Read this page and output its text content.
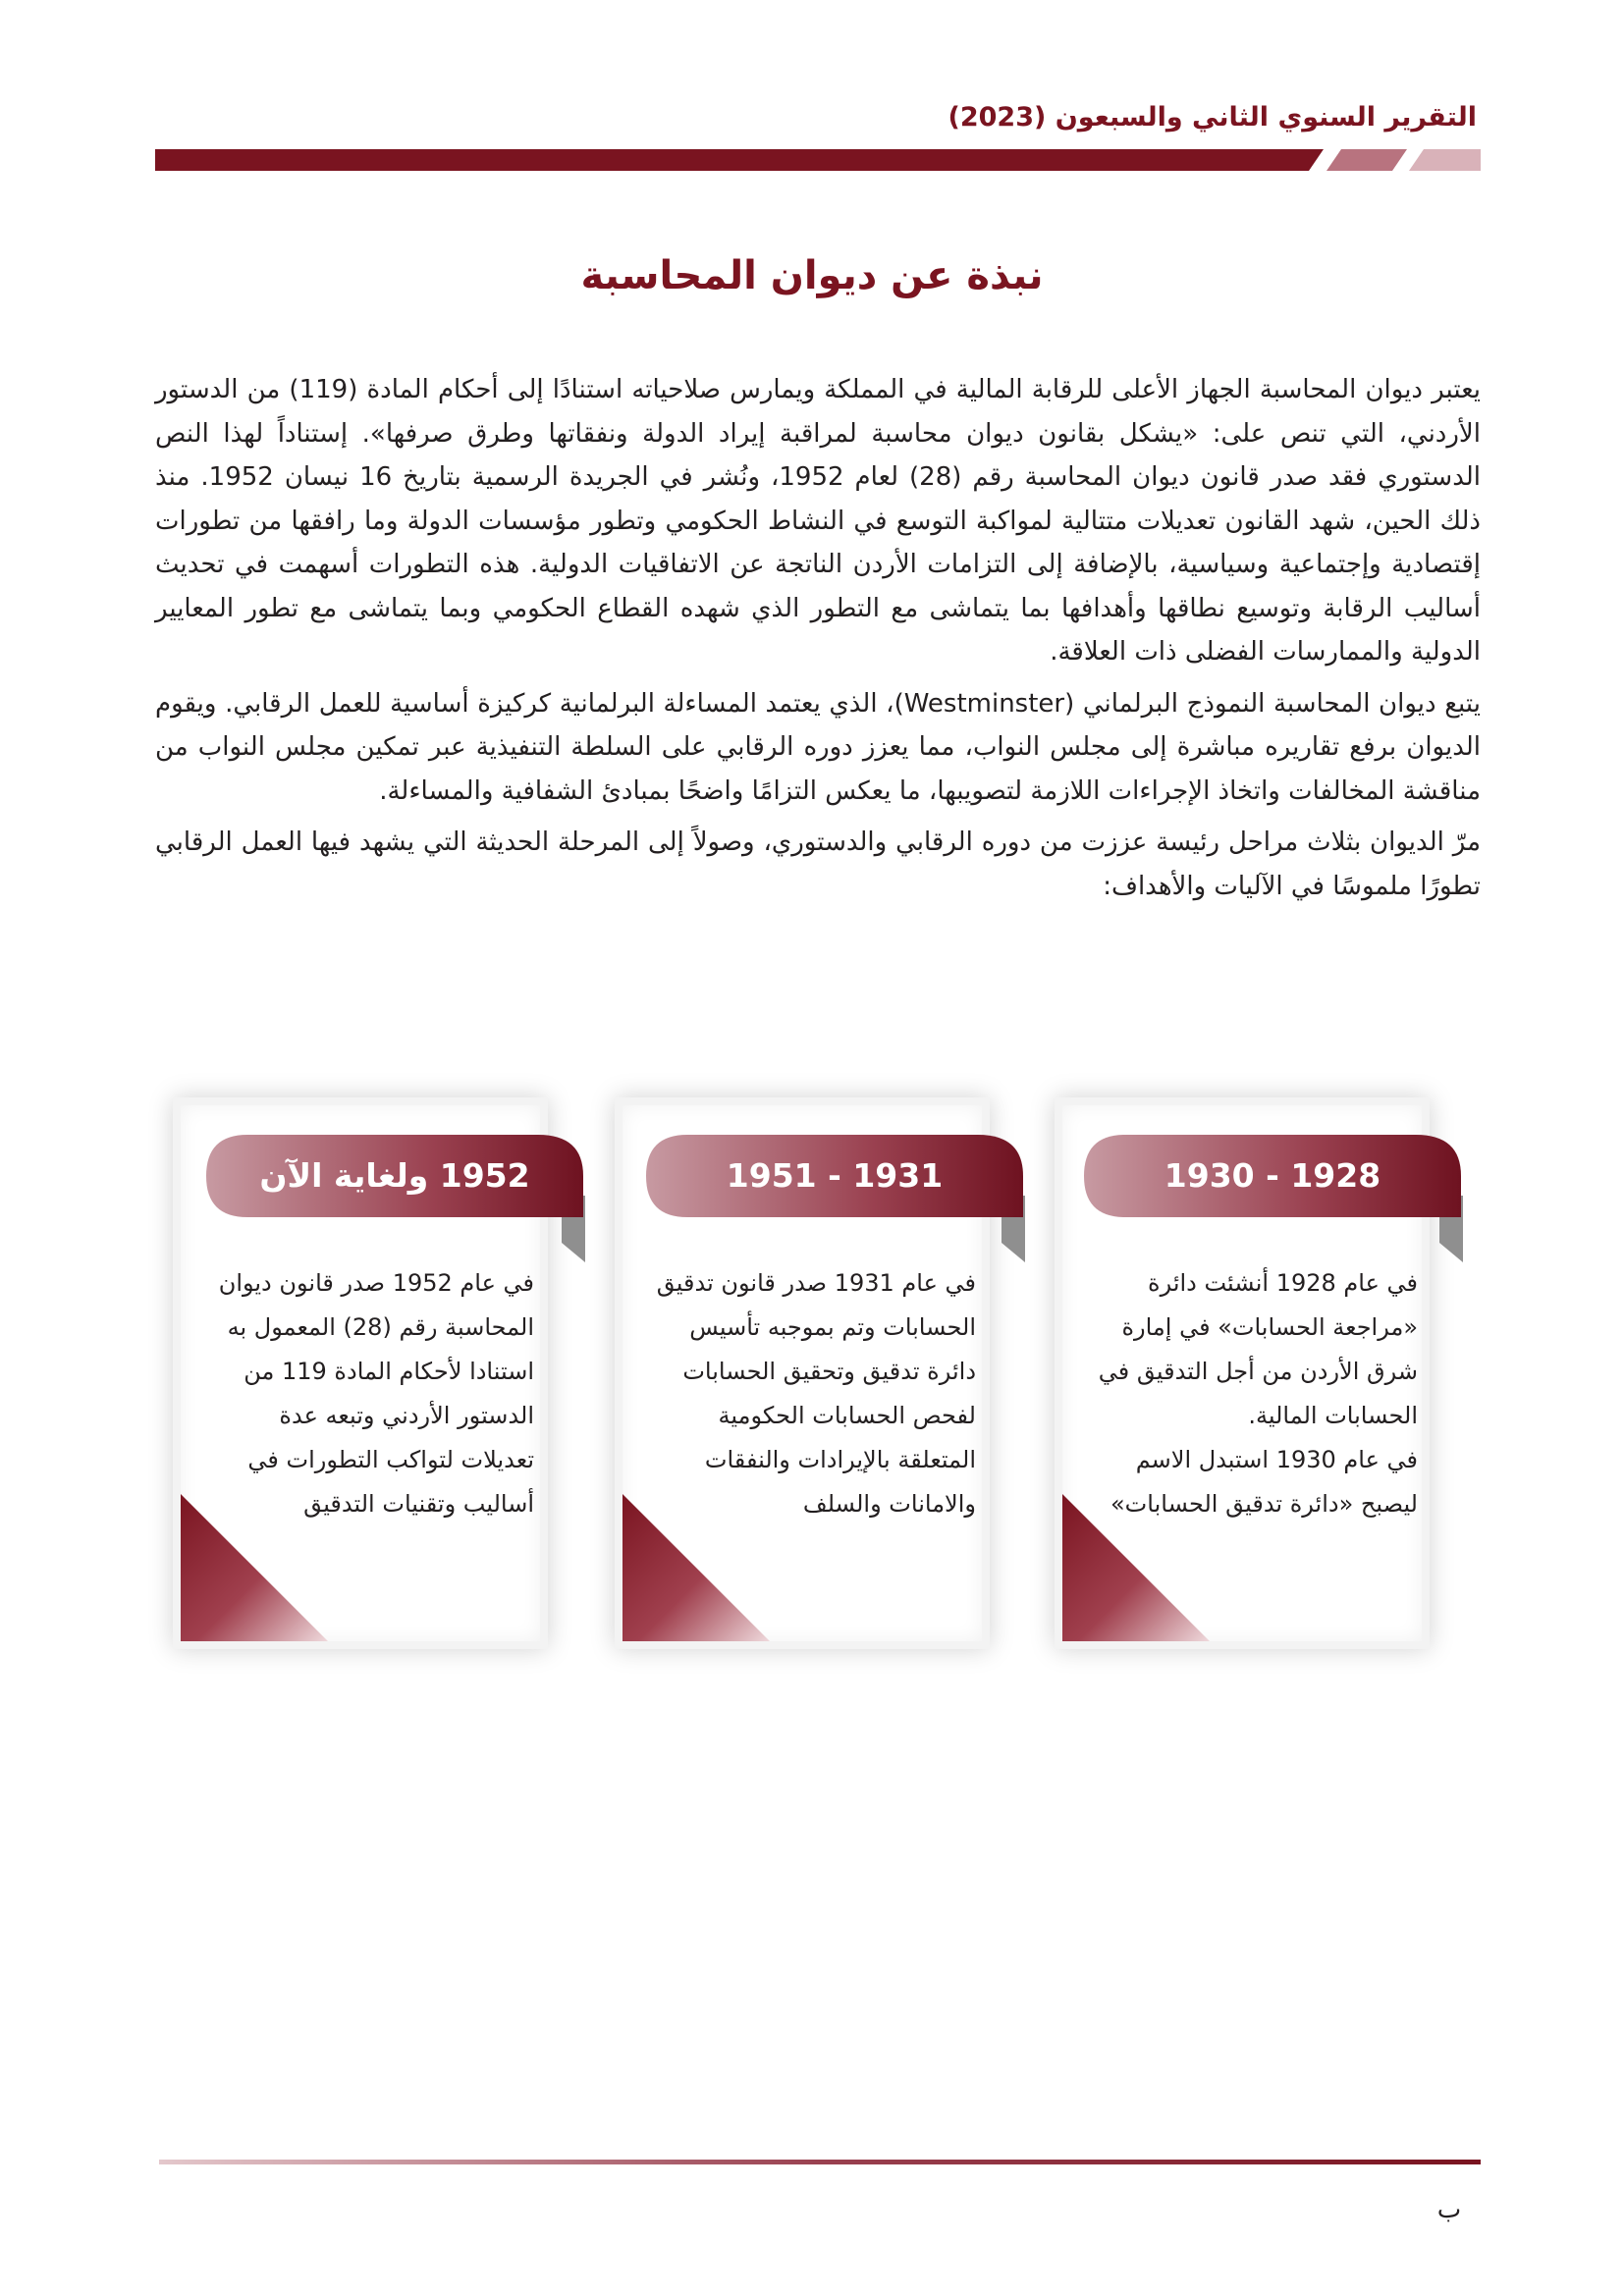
التقرير السنوي الثاني والسبعون (2023)
نبذة عن ديوان المحاسبة

يعتبر ديوان المحاسبة الجهاز الأعلى للرقابة المالية في المملكة ويمارس صلاحياته استنادًا إلى أحكام المادة (119) من الدستور الأردني، التي تنص على: «يشكل بقانون ديوان محاسبة لمراقبة إيراد الدولة ونفقاتها وطرق صرفها». إستناداً لهذا النص الدستوري فقد صدر قانون ديوان المحاسبة رقم (28) لعام 1952، ونُشر في الجريدة الرسمية بتاريخ 16 نيسان 1952. منذ ذلك الحين، شهد القانون تعديلات متتالية لمواكبة التوسع في النشاط الحكومي وتطور مؤسسات الدولة وما رافقها من تطورات إقتصادية وإجتماعية وسياسية، بالإضافة إلى التزامات الأردن الناتجة عن الاتفاقيات الدولية. هذه التطورات أسهمت في تحديث أساليب الرقابة وتوسيع نطاقها وأهدافها بما يتماشى مع التطور الذي شهده القطاع الحكومي وبما يتماشى مع تطور المعايير الدولية والممارسات الفضلى ذات العلاقة.

يتبع ديوان المحاسبة النموذج البرلماني (Westminster)، الذي يعتمد المساءلة البرلمانية كركيزة أساسية للعمل الرقابي. ويقوم الديوان برفع تقاريره مباشرة إلى مجلس النواب، مما يعزز دوره الرقابي على السلطة التنفيذية عبر تمكين مجلس النواب من مناقشة المخالفات واتخاذ الإجراءات اللازمة لتصويبها، ما يعكس التزامًا واضحًا بمبادئ الشفافية والمساءلة.

مرّ الديوان بثلاث مراحل رئيسة عززت من دوره الرقابي والدستوري، وصولاً إلى المرحلة الحديثة التي يشهد فيها العمل الرقابي تطورًا ملموسًا في الآليات والأهداف:

1928 - 1930

في عام 1928 أنشئت دائرة «مراجعة الحسابات» في إمارة شرق الأردن من أجل التدقيق في الحسابات المالية.

في عام 1930 استبدل الاسم ليصبح «دائرة تدقيق الحسابات»

1931 - 1951

في عام 1931 صدر قانون تدقيق الحسابات وتم بموجبه تأسيس دائرة تدقيق وتحقيق الحسابات لفحص الحسابات الحكومية المتعلقة بالإيرادات والنفقات والامانات والسلف

1952 ولغاية الآن

في عام 1952 صدر قانون ديوان المحاسبة رقم (28) المعمول به استنادا لأحكام المادة 119 من الدستور الأردني وتبعه عدة تعديلات لتواكب التطورات في أساليب وتقنيات التدقيق

ب
